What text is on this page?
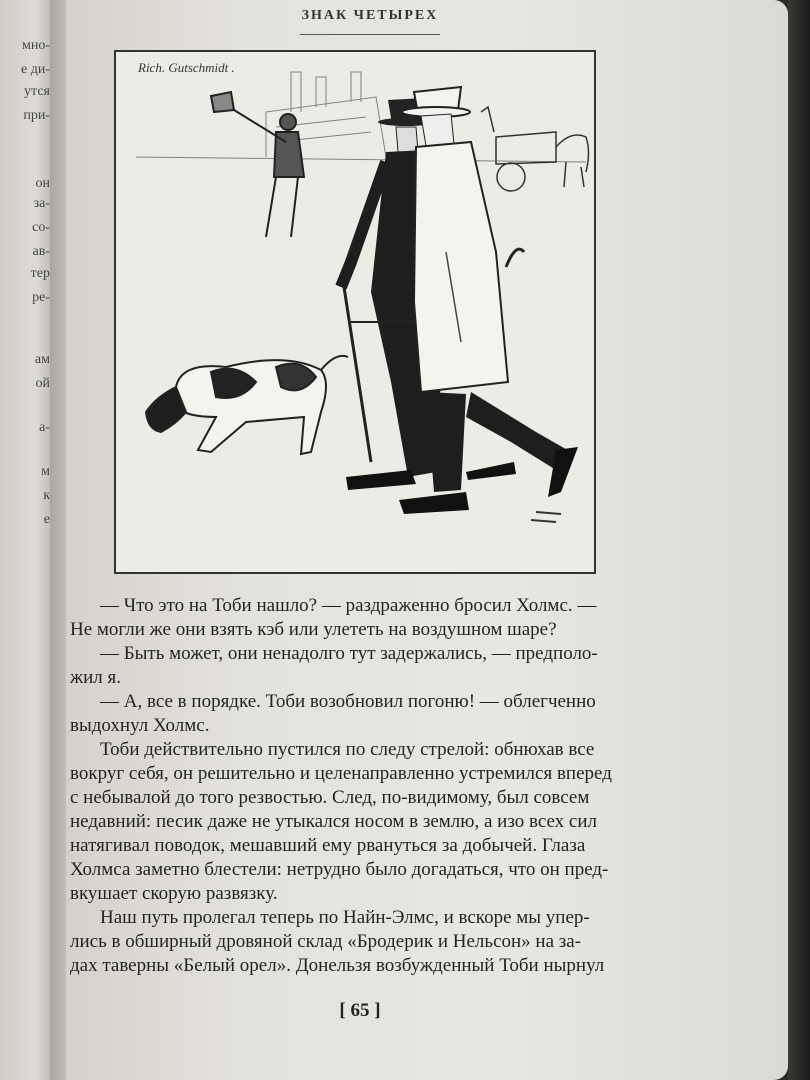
мно-
е ди-
утся
при-
он
за-
со-
ав-
тер
ре-
ам
ой
а-
м
к
е
ЗНАК ЧЕТЫРЕХ
Rich. Gutschmidt .

— Что это на Тоби нашло? — раздраженно бросил Холмс. —
Не могли же они взять кэб или улететь на воздушном шаре?

— Быть может, они ненадолго тут задержались, — предполо-
жил я.

— А, все в порядке. Тоби возобновил погоню! — облегченно
выдохнул Холмс.

Тоби действительно пустился по следу стрелой: обнюхав все
вокруг себя, он решительно и целенаправленно устремился вперед
с небывалой до того резвостью. След, по-видимому, был совсем
недавний: песик даже не утыкался носом в землю, а изо всех сил
натягивал поводок, мешавший ему рвануться за добычей. Глаза
Холмса заметно блестели: нетрудно было догадаться, что он пред-
вкушает скорую развязку.

Наш путь пролегал теперь по Найн-Элмс, и вскоре мы упер-
лись в обширный дровяной склад «Бродерик и Нельсон» на за-
дах таверны «Белый орел». Донельзя возбужденный Тоби нырнул

[ 65 ]
